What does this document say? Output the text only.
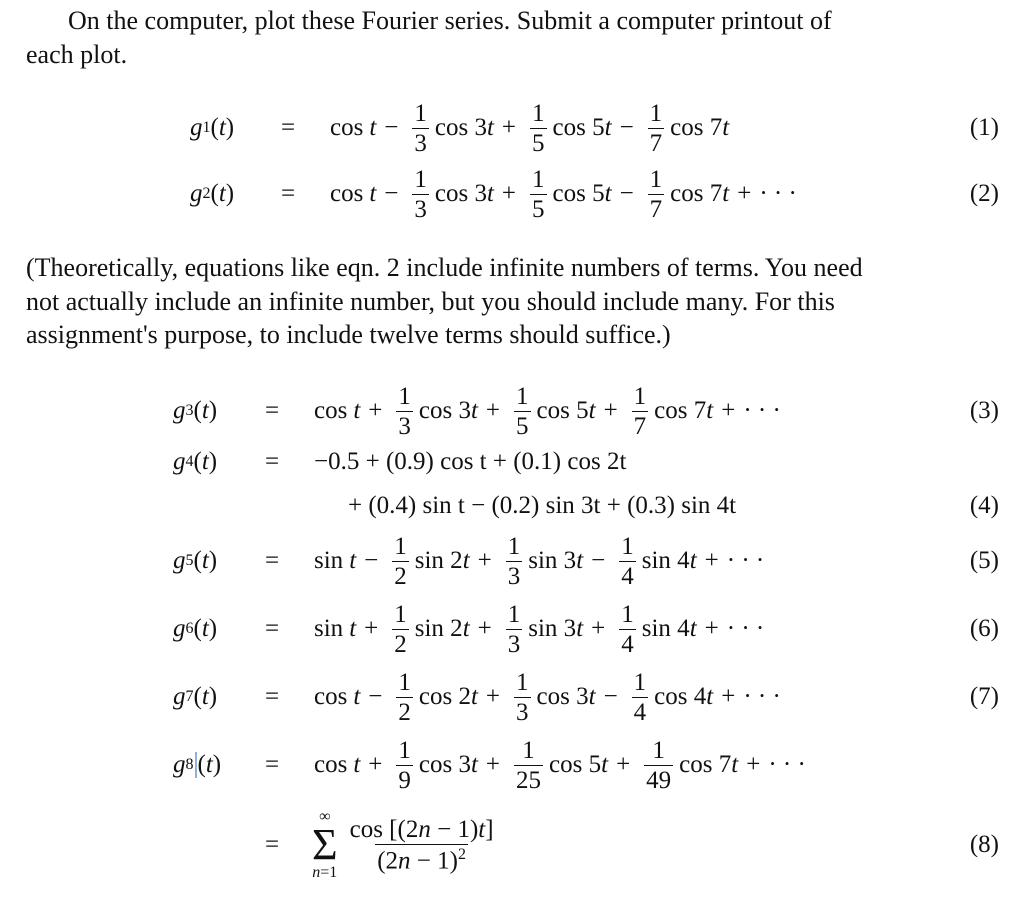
On the computer, plot these Fourier series. Submit a computer printout of
each plot.
g 1 ( t ) = $\cos t - \frac{1}{3}$ cos 3 $t + \frac{1}{5}$ cos 5 $t - \frac{1}{7}$ cos 7 t	(1)
g 2 ( t ) = $\cos t - \frac{1}{3}$ cos 3 $t + \frac{1}{5}$ cos 5 $t - \frac{1}{7}$ cos 7 t + · · ·	(2)
(Theoretically, equations like eqn. 2 include infinite numbers of terms. You need
not actually include an infinite number, but you should include many. For this
assignment's purpose, to include twelve terms should suffice.)
g 3 ( t ) = $\cos t + \frac{1}{3}$ cos 3 $t + \frac{1}{5}$ cos 5 $t + \frac{1}{7}$ cos 7 t + · · ·	(3)
g 4 ( t ) = −0.5 + (0.9) cos t + (0.1) cos 2t
+ (0.4) sin t − (0.2) sin 3t + (0.3) sin 4t	(4)
g 5 ( t ) = $\sin t - \frac{1}{2}$ sin 2 $t + \frac{1}{3}$ sin 3 $t - \frac{1}{4}$ sin 4 t + · · ·	(5)
g 6 ( t ) = $\sin t + \frac{1}{2}$ sin 2 $t + \frac{1}{3}$ sin 3 $t + \frac{1}{4}$ sin 4 t + · · ·	(6)
g 7 ( t ) = $\cos t - \frac{1}{2}$ cos 2 $t + \frac{1}{3}$ cos 3 $t - \frac{1}{4}$ cos 4 t + · · ·	(7)
g 8 ( t ) = $\cos t + \frac{1}{9}$ cos 3 $t + \frac{1}{25}$ cos 5 $t + \frac{1}{49}$ cos 7 t + · · ·
=
∞
Σ
$n=1 \frac{\cos [(2n - 1)t]}{(2n - 1)^2}$	(8)
